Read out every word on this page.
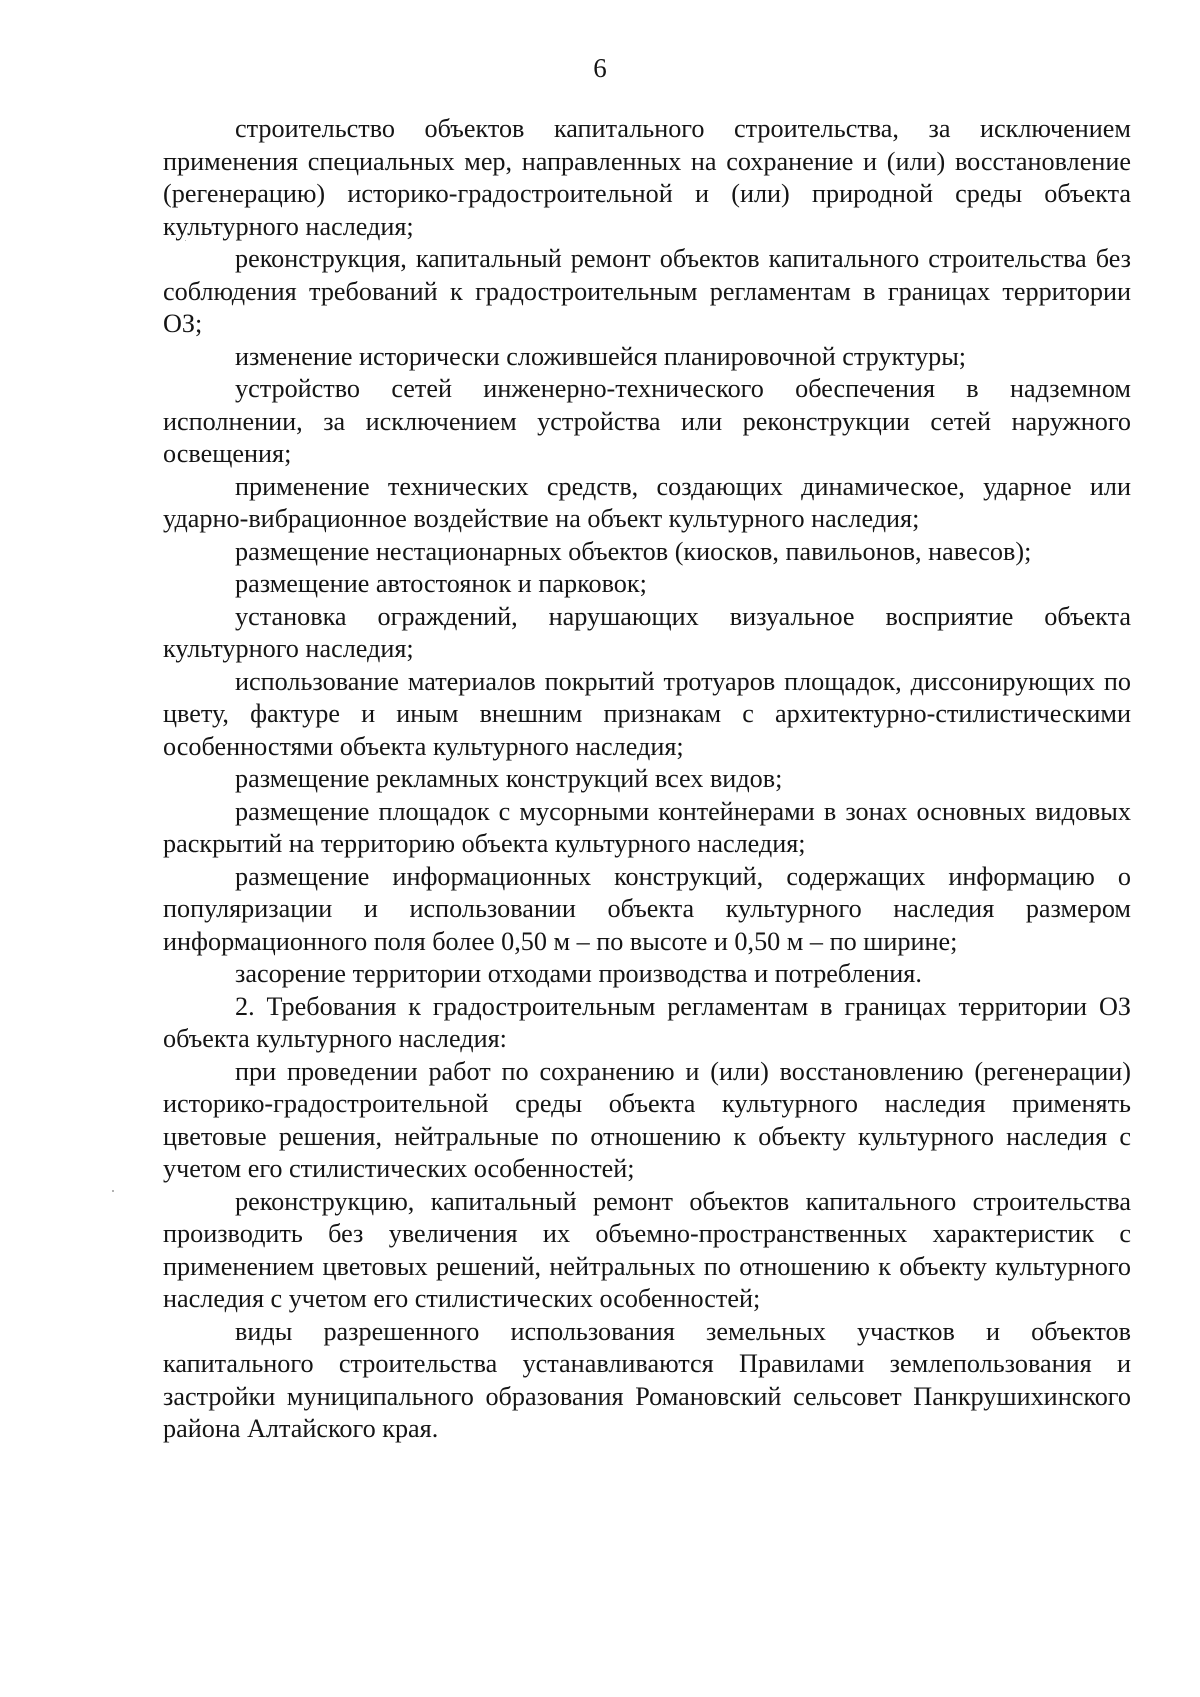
6

строительство объектов капитального строительства, за исключением применения специальных мер, направленных на сохранение и (или) восстановление (регенерацию) историко-градостроительной и (или) природной среды объекта культурного наследия;

реконструкция, капитальный ремонт объектов капитального строительства без соблюдения требований к градостроительным регламентам в границах территории ОЗ;

изменение исторически сложившейся планировочной структуры;

устройство сетей инженерно-технического обеспечения в надземном исполнении, за исключением устройства или реконструкции сетей наружного освещения;

применение технических средств, создающих динамическое, ударное или ударно-вибрационное воздействие на объект культурного наследия;

размещение нестационарных объектов (киосков, павильонов, навесов);

размещение автостоянок и парковок;

установка ограждений, нарушающих визуальное восприятие объекта культурного наследия;

использование материалов покрытий тротуаров площадок, диссонирующих по цвету, фактуре и иным внешним признакам с архитектурно-стилистическими особенностями объекта культурного наследия;

размещение рекламных конструкций всех видов;

размещение площадок с мусорными контейнерами в зонах основных видовых раскрытий на территорию объекта культурного наследия;

размещение информационных конструкций, содержащих информацию о популяризации и использовании объекта культурного наследия размером информационного поля более 0,50 м – по высоте и 0,50 м – по ширине;

засорение территории отходами производства и потребления.

2. Требования к градостроительным регламентам в границах территории ОЗ объекта культурного наследия:

при проведении работ по сохранению и (или) восстановлению (регенерации) историко-градостроительной среды объекта культурного наследия применять цветовые решения, нейтральные по отношению к объекту культурного наследия с учетом его стилистических особенностей;

реконструкцию, капитальный ремонт объектов капитального строительства производить без увеличения их объемно-пространственных характеристик с применением цветовых решений, нейтральных по отношению к объекту культурного наследия с учетом его стилистических особенностей;

виды разрешенного использования земельных участков и объектов капитального строительства устанавливаются Правилами землепользования и застройки муниципального образования Романовский сельсовет Панкрушихинского района Алтайского края.
